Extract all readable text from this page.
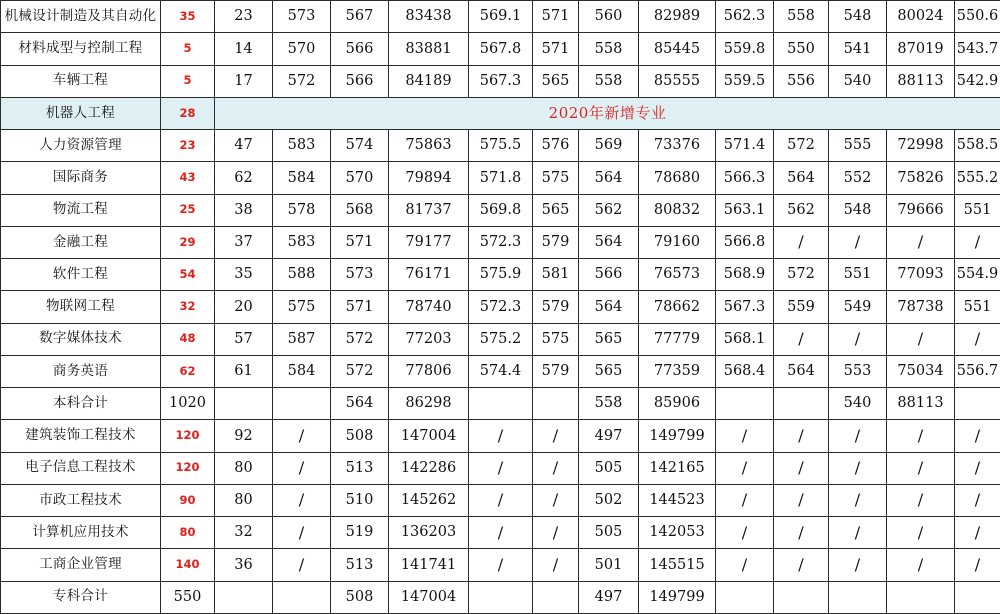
机械设计制造及其自动化	35	23	573	567	83438	569.1	571	560	82989	562.3	558	548	80024	550.6
材料成型与控制工程	5	14	570	566	83881	567.8	571	558	85445	559.8	550	541	87019	543.7
车辆工程	5	17	572	566	84189	567.3	565	558	85555	559.5	556	540	88113	542.9
机器人工程	28	2020年新增专业												
人力资源管理	23	47	583	574	75863	575.5	576	569	73376	571.4	572	555	72998	558.5
国际商务	43	62	584	570	79894	571.8	575	564	78680	566.3	564	552	75826	555.2
物流工程	25	38	578	568	81737	569.8	565	562	80832	563.1	562	548	79666	551
金融工程	29	37	583	571	79177	572.3	579	564	79160	566.8	/	/	/	/
软件工程	54	35	588	573	76171	575.9	581	566	76573	568.9	572	551	77093	554.9
物联网工程	32	20	575	571	78740	572.3	579	564	78662	567.3	559	549	78738	551
数字媒体技术	48	57	587	572	77203	575.2	575	565	77779	568.1	/	/	/	/
商务英语	62	61	584	572	77806	574.4	579	565	77359	568.4	564	553	75034	556.7
本科合计	1020			564	86298			558	85906			540	88113	
建筑装饰工程技术	120	92	/	508	147004	/	/	497	149799	/	/	/	/	/
电子信息工程技术	120	80	/	513	142286	/	/	505	142165	/	/	/	/	/
市政工程技术	90	80	/	510	145262	/	/	502	144523	/	/	/	/	/
计算机应用技术	80	32	/	519	136203	/	/	505	142053	/	/	/	/	/
工商企业管理	140	36	/	513	141741	/	/	501	145515	/	/	/	/	/
专科合计	550			508	147004			497	149799					
